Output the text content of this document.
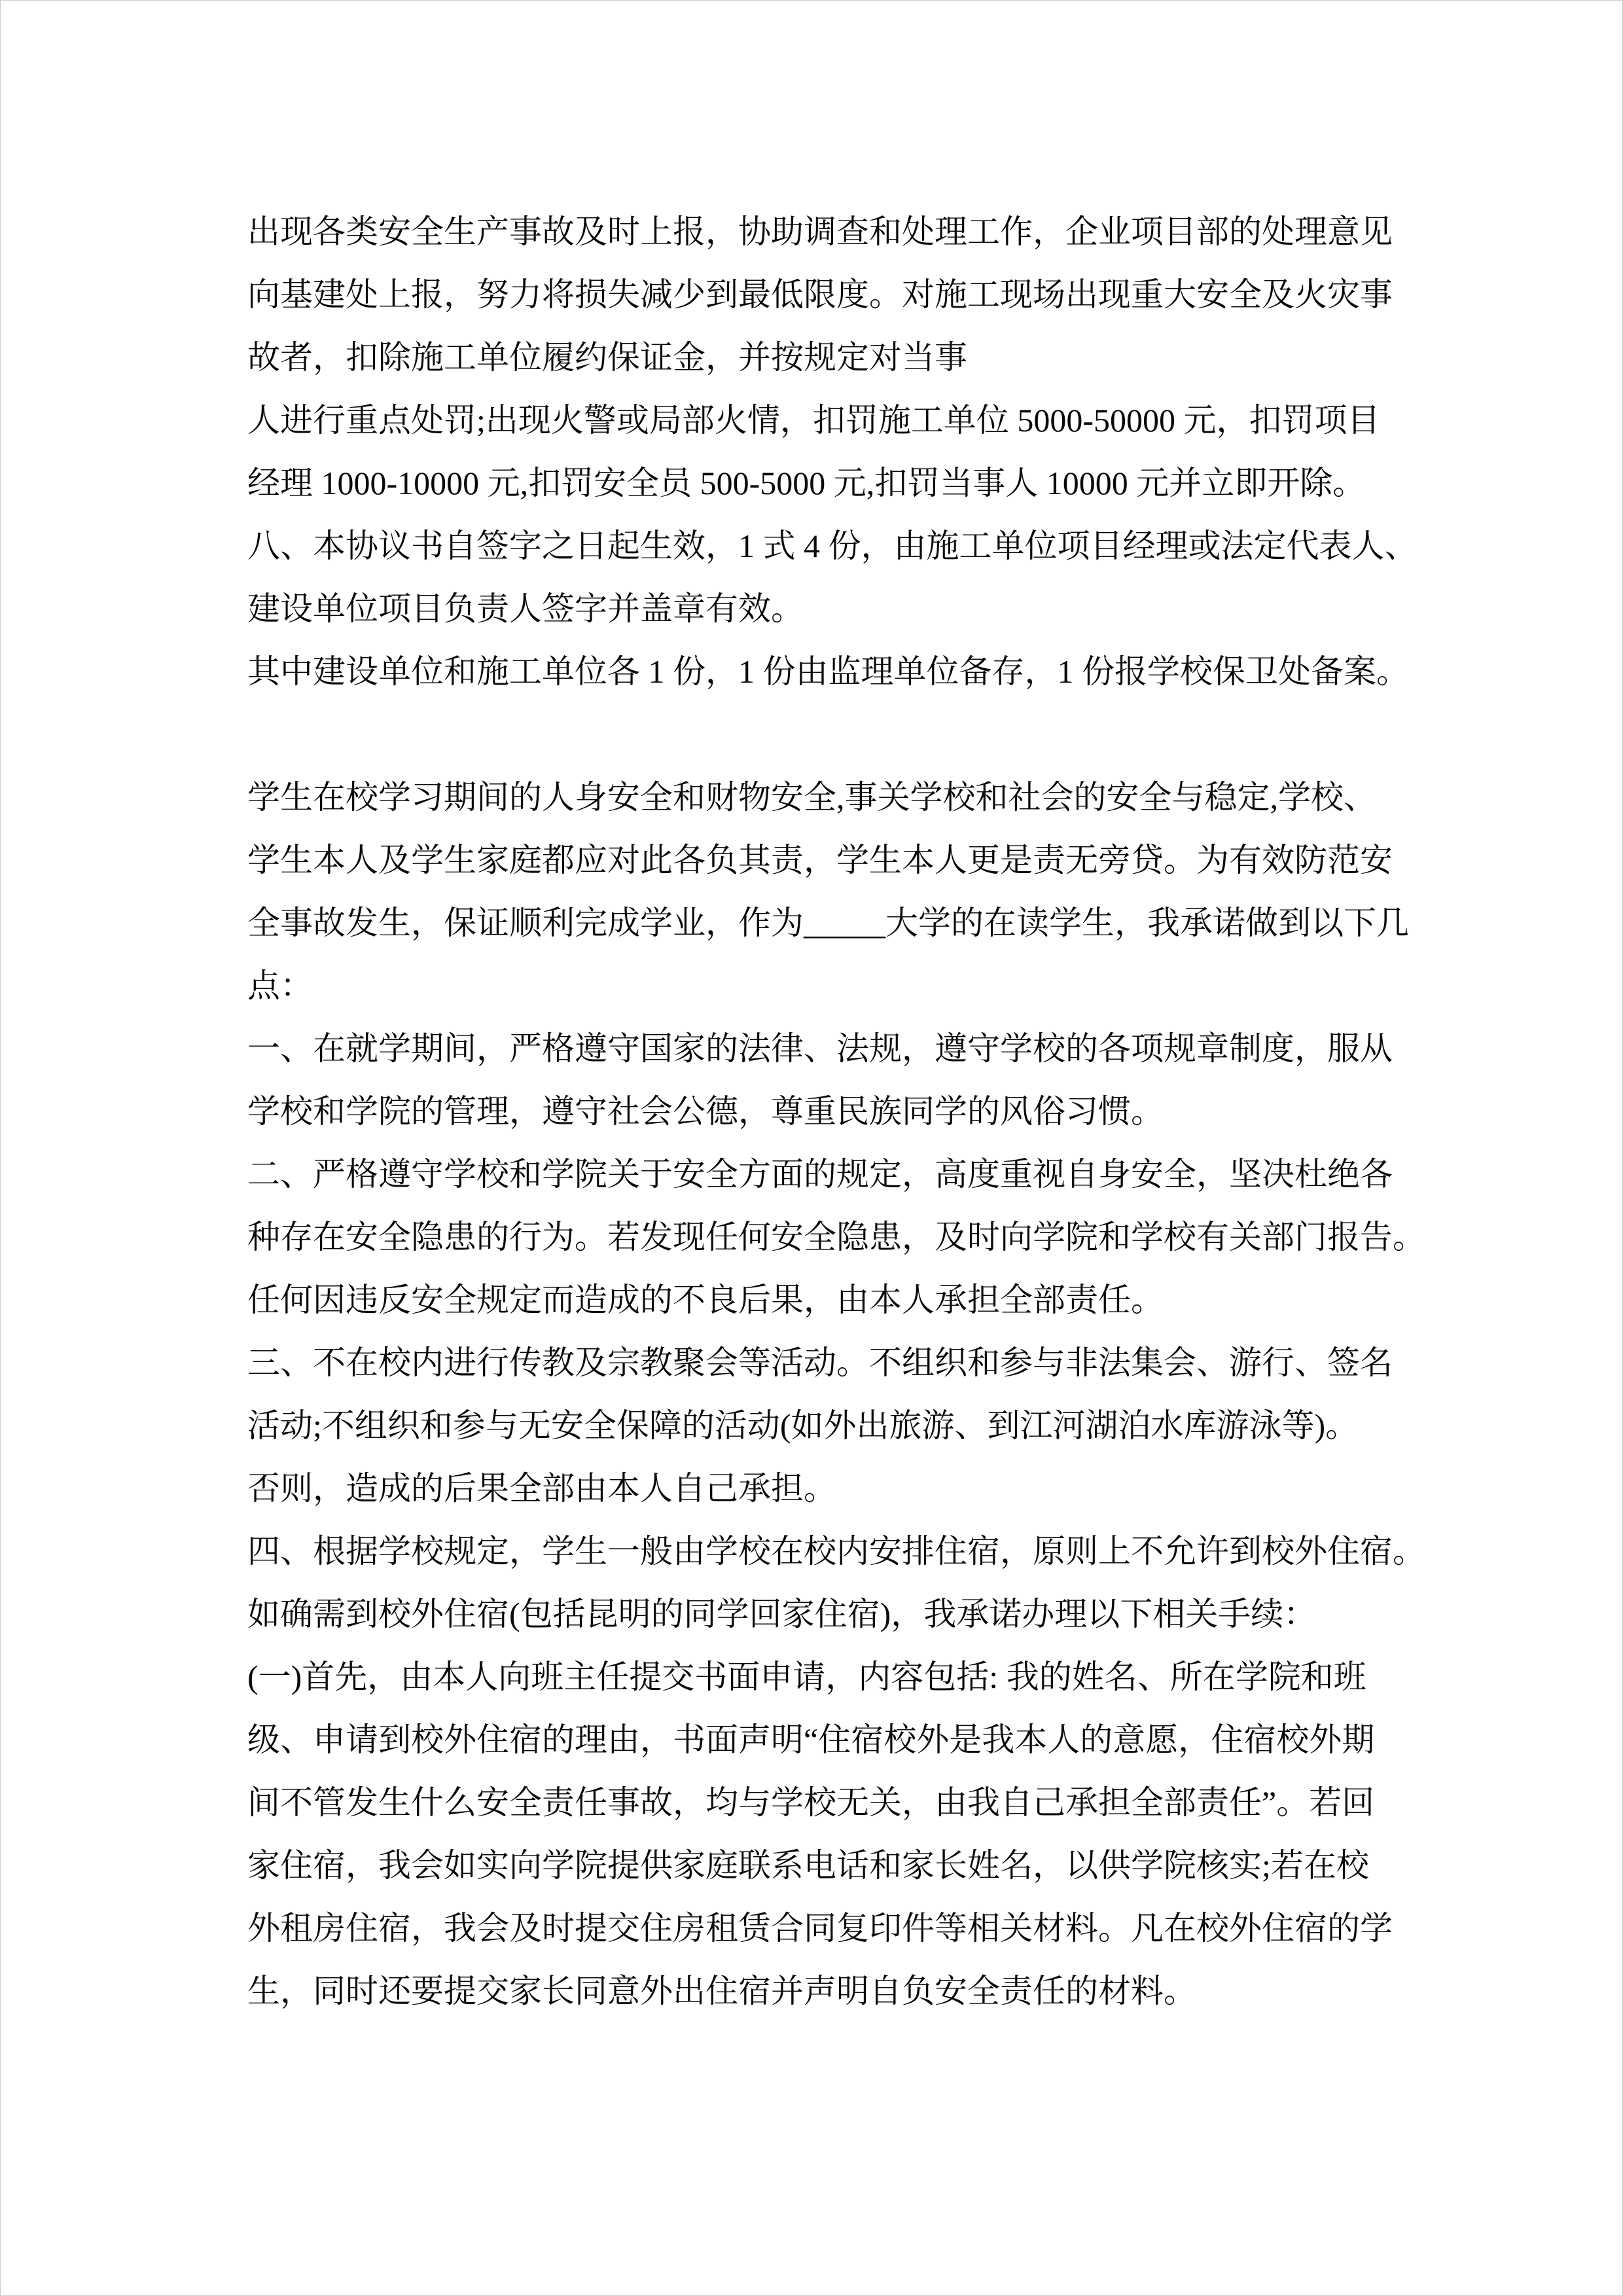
出现各类安全生产事故及时上报，协助调查和处理工作，企业项目部的处理意见
向基建处上报，努力将损失减少到最低限度。对施工现场出现重大安全及火灾事
故者，扣除施工单位履约保证金，并按规定对当事
人进行重点处罚;出现火警或局部火情，扣罚施工单位 5000-50000 元，扣罚项目
经理 1000-10000 元,扣罚安全员 500-5000 元,扣罚当事人 10000 元并立即开除。
八、本协议书自签字之日起生效，1 式 4 份，由施工单位项目经理或法定代表人、
建设单位项目负责人签字并盖章有效。
其中建设单位和施工单位各 1 份，1 份由监理单位备存，1 份报学校保卫处备案。
学生在校学习期间的人身安全和财物安全,事关学校和社会的安全与稳定,学校、
学生本人及学生家庭都应对此各负其责，学生本人更是责无旁贷。为有效防范安
全事故发生，保证顺利完成学业，作为_____大学的在读学生，我承诺做到以下几
点：
一、在就学期间，严格遵守国家的法律、法规，遵守学校的各项规章制度，服从
学校和学院的管理，遵守社会公德，尊重民族同学的风俗习惯。
二、严格遵守学校和学院关于安全方面的规定，高度重视自身安全，坚决杜绝各
种存在安全隐患的行为。若发现任何安全隐患，及时向学院和学校有关部门报告。
任何因违反安全规定而造成的不良后果，由本人承担全部责任。
三、不在校内进行传教及宗教聚会等活动。不组织和参与非法集会、游行、签名
活动;不组织和参与无安全保障的活动(如外出旅游、到江河湖泊水库游泳等)。
否则，造成的后果全部由本人自己承担。
四、根据学校规定，学生一般由学校在校内安排住宿，原则上不允许到校外住宿。
如确需到校外住宿(包括昆明的同学回家住宿)，我承诺办理以下相关手续：
(一)首先，由本人向班主任提交书面申请，内容包括: 我的姓名、所在学院和班
级、申请到校外住宿的理由，书面声明“住宿校外是我本人的意愿，住宿校外期
间不管发生什么安全责任事故，均与学校无关，由我自己承担全部责任”。若回
家住宿，我会如实向学院提供家庭联系电话和家长姓名，以供学院核实;若在校
外租房住宿，我会及时提交住房租赁合同复印件等相关材料。凡在校外住宿的学
生，同时还要提交家长同意外出住宿并声明自负安全责任的材料。
